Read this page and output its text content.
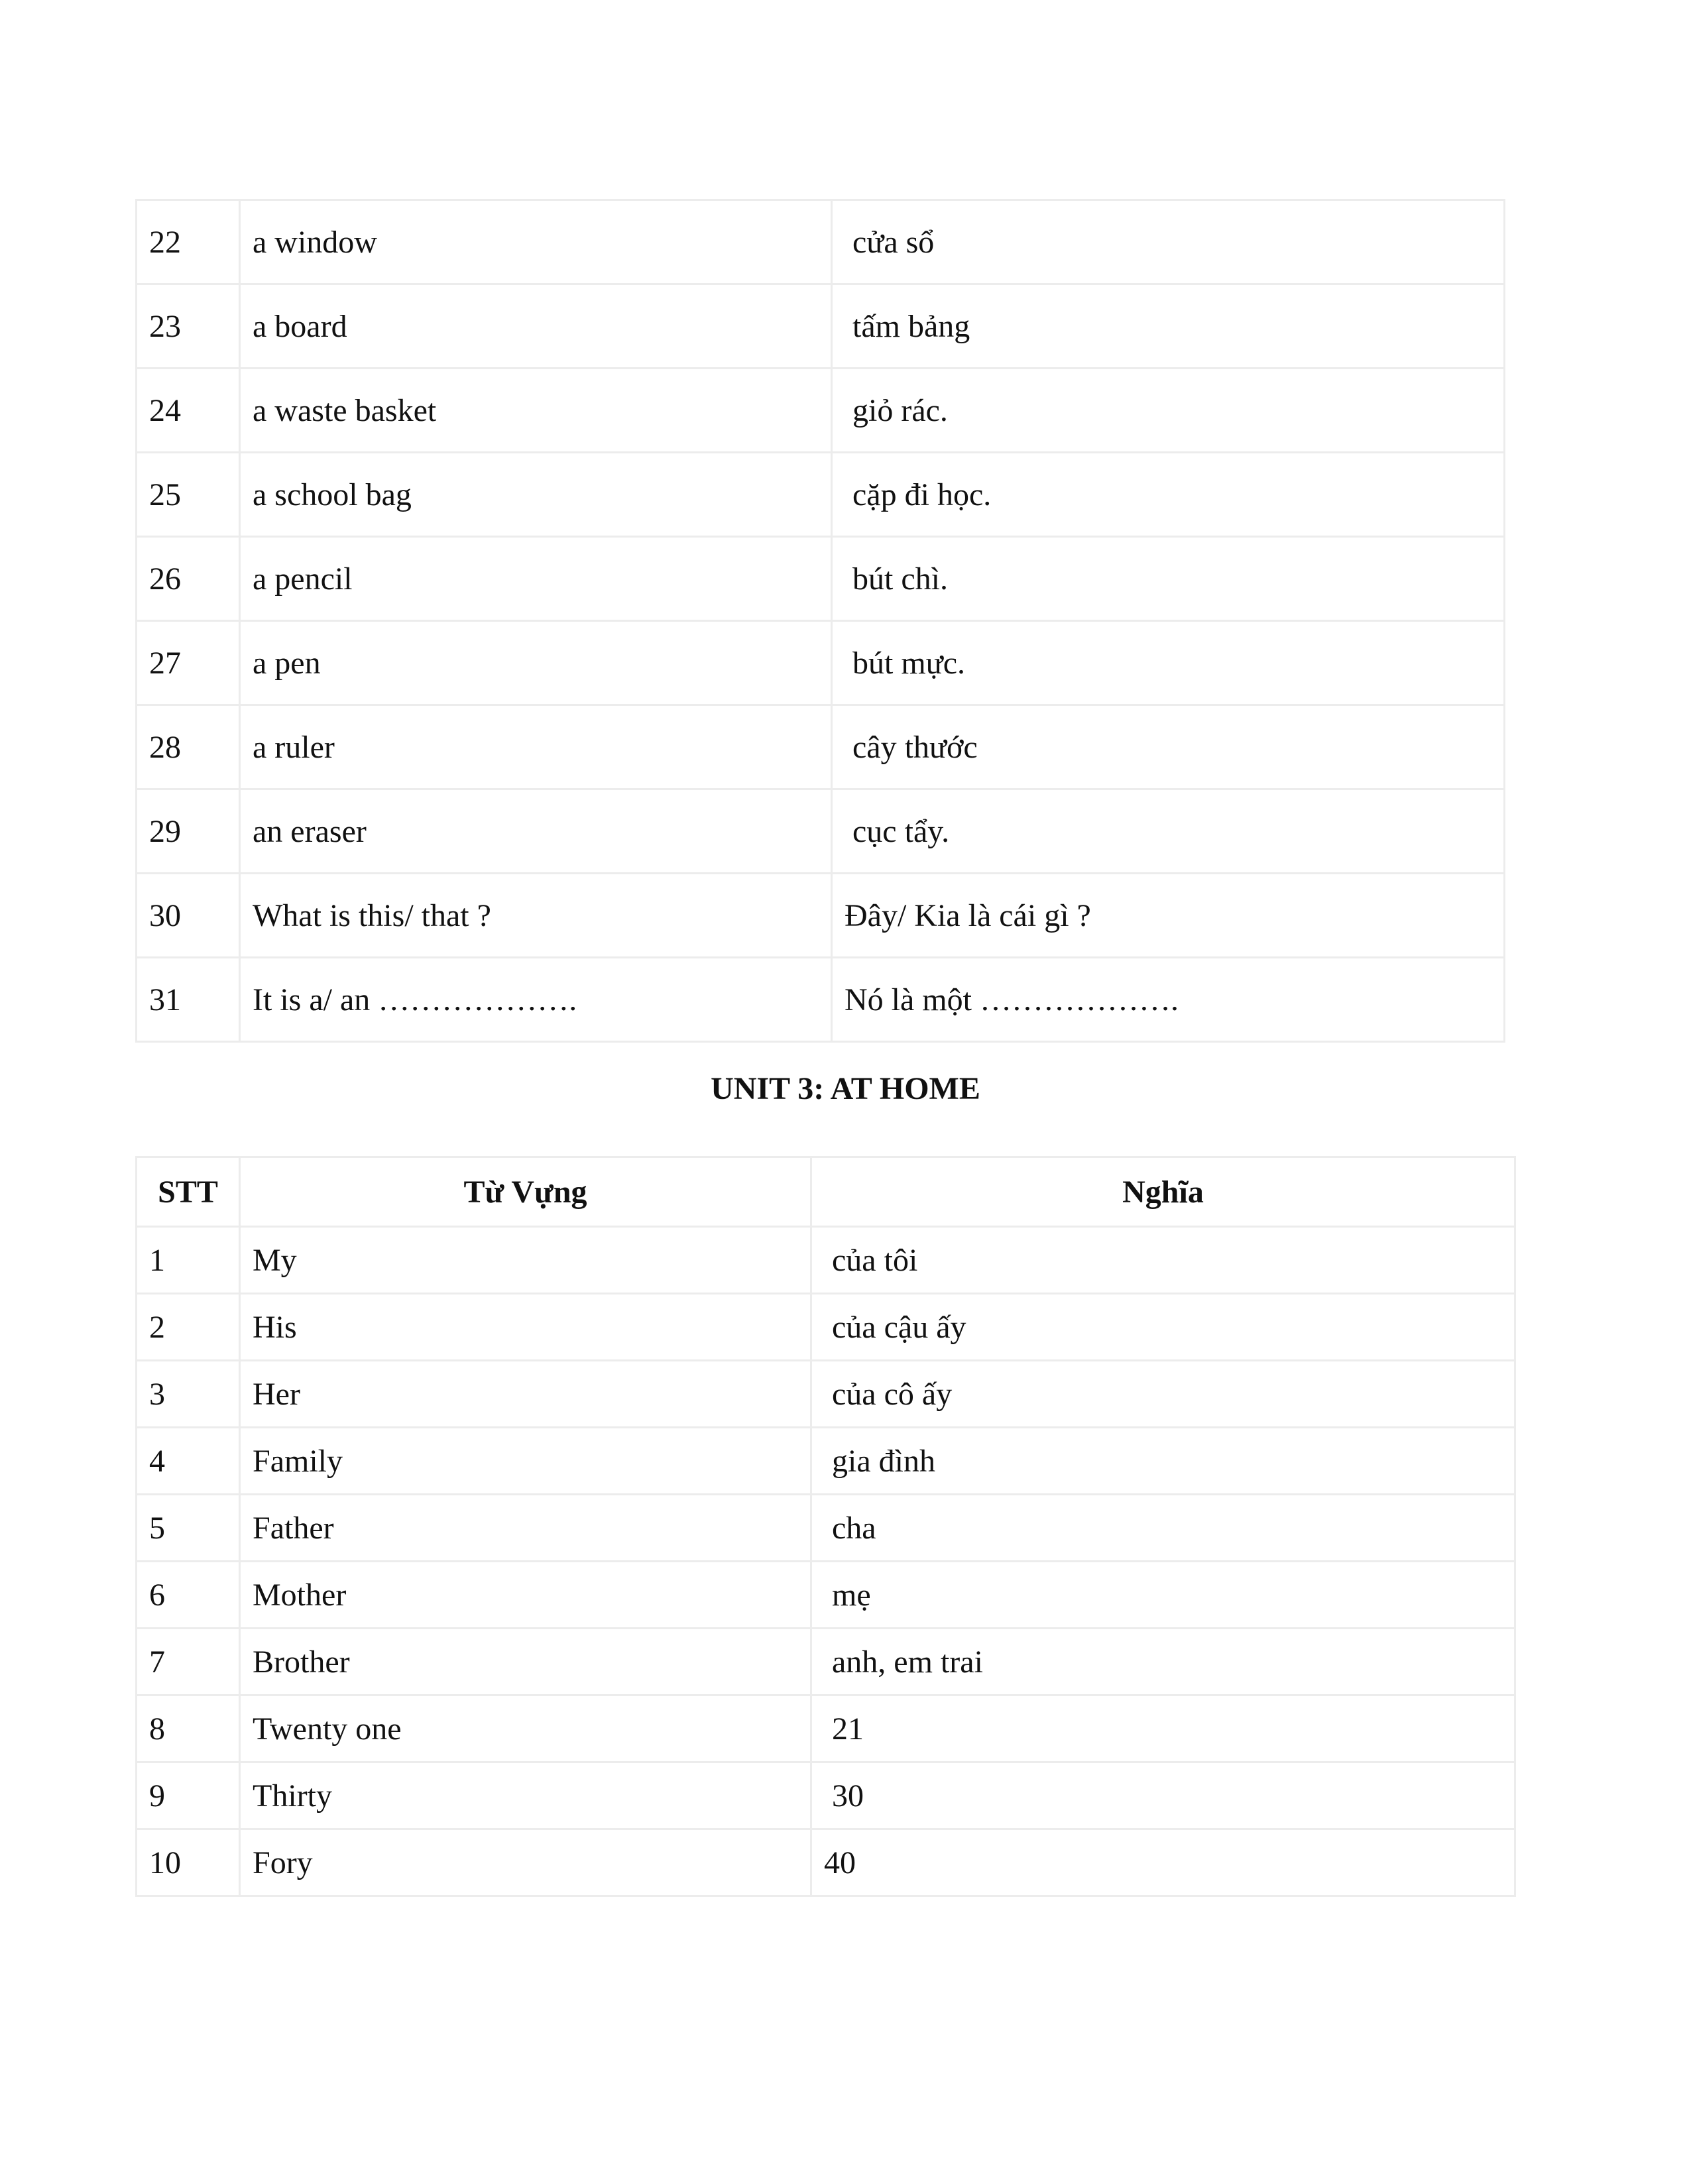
22	a window	cửa sổ
23	a board	tấm bảng
24	a waste basket	giỏ rác.
25	a school bag	cặp đi học.
26	a pencil	bút chì.
27	a pen	bút mực.
28	a ruler	cây thước
29	an eraser	cục tẩy.
30	What is this/ that ?	Đây/ Kia là cái gì ?
31	It is a/ an ……………….	Nó là một ……………….
UNIT 3: AT HOME
STT	Từ Vựng	Nghĩa
1	My	của tôi
2	His	của cậu ấy
3	Her	của cô ấy
4	Family	gia đình
5	Father	cha
6	Mother	mẹ
7	Brother	anh, em trai
8	Twenty one	21
9	Thirty	30
10	Fory	40
